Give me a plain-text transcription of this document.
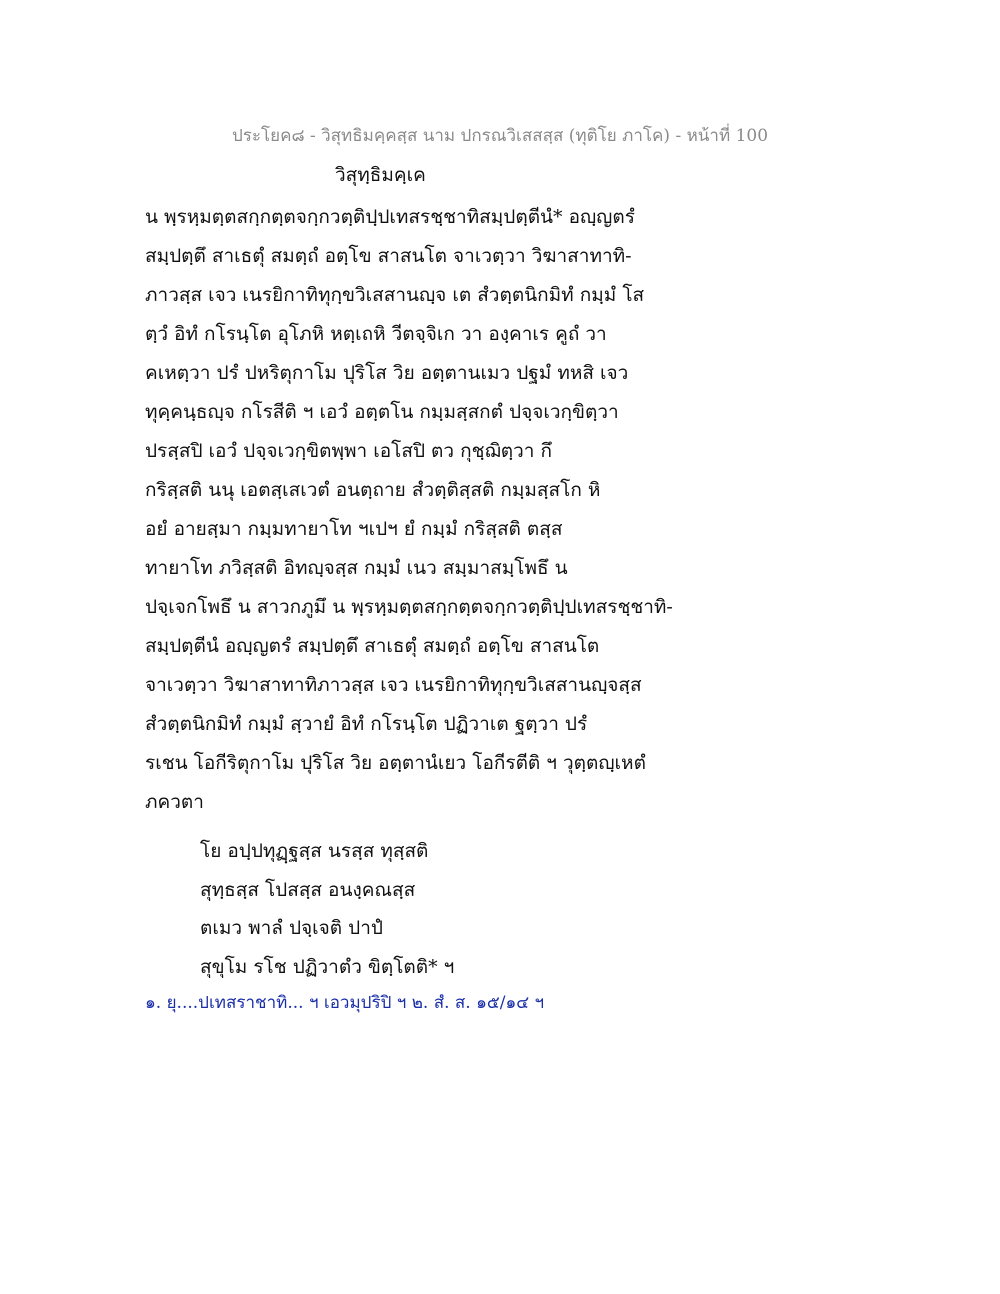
ประโยค๘ - วิสุทธิมคฺคสฺส นาม ปกรณวิเสสสฺส (ทุติโย ภาโค) - หน้าที่ 100
วิสุทฺธิมคฺเค
น พฺรหฺมตฺตสกฺกตฺตจกฺกวตฺติปฺปเทสรชฺชาทิสมฺปตฺตีนํ* อญฺญตรํ
สมฺปตฺตึ สาเธตุํ สมตฺถํ อตฺโข สาสนโต จาเวตฺวา วิฆาสาทาทิ-
ภาวสฺส เจว เนรยิกาทิทุกฺขวิเสสานญฺจ เต สํวตฺตนิกมิทํ กมฺมํ โส
ตฺวํ อิทํ กโรนฺโต อุโภหิ หตฺเถหิ วีตจฺจิเก วา องฺคาเร คูถํ วา
คเหตฺวา ปรํ ปหริตุกาโม ปุริโส วิย อตฺตานเมว ปฐมํ ทหสิ เจว
ทุคฺคนฺธญฺจ กโรสีติ ฯ เอวํ อตฺตโน กมฺมสฺสกตํ ปจฺจเวกฺขิตฺวา
ปรสฺสปิ เอวํ ปจฺจเวกฺขิตพฺพา เอโสปิ ตว กุชฺฌิตฺวา กึ
กริสฺสติ นนุ เอตสฺเสเวตํ อนตฺถาย สํวตฺติสฺสติ กมฺมสฺสโก หิ
อยํ อายสฺมา กมฺมทายาโท ฯเปฯ ยํ กมฺมํ กริสฺสติ ตสฺส
ทายาโท ภวิสฺสติ อิทญฺจสฺส กมฺมํ เนว สมฺมาสมฺโพธึ น
ปจฺเจกโพธึ น สาวกภูมึ น พฺรหฺมตฺตสกฺกตฺตจกฺกวตฺติปฺปเทสรชฺชาทิ-
สมฺปตฺตีนํ อญฺญตรํ สมฺปตฺตึ สาเธตุํ สมตฺถํ อตฺโข สาสนโต
จาเวตฺวา วิฆาสาทาทิภาวสฺส เจว เนรยิกาทิทุกฺขวิเสสานญฺจสฺส
สํวตฺตนิกมิทํ กมฺมํ สฺวายํ อิทํ กโรนฺโต ปฏิวาเต ฐตฺวา ปรํ
รเชน โอกีริตุกาโม ปุริโส วิย อตฺตานํเยว โอกีรตีติ ฯ วุตฺตญฺเหตํ
ภควตา
โย อปฺปทุฏฺฐสฺส นรสฺส ทุสฺสติ
สุทฺธสฺส โปสสฺส อนงฺคณสฺส
ตเมว พาลํ ปจฺเจติ ปาปํ
สุขุโม รโช ปฏิวาตํว ขิตฺโตติ* ฯ
๑. ยุ....ปเทสราชาทิ... ฯ เอวมุปริปิ ฯ ๒. สํ. ส. ๑๕/๑๔ ฯ
